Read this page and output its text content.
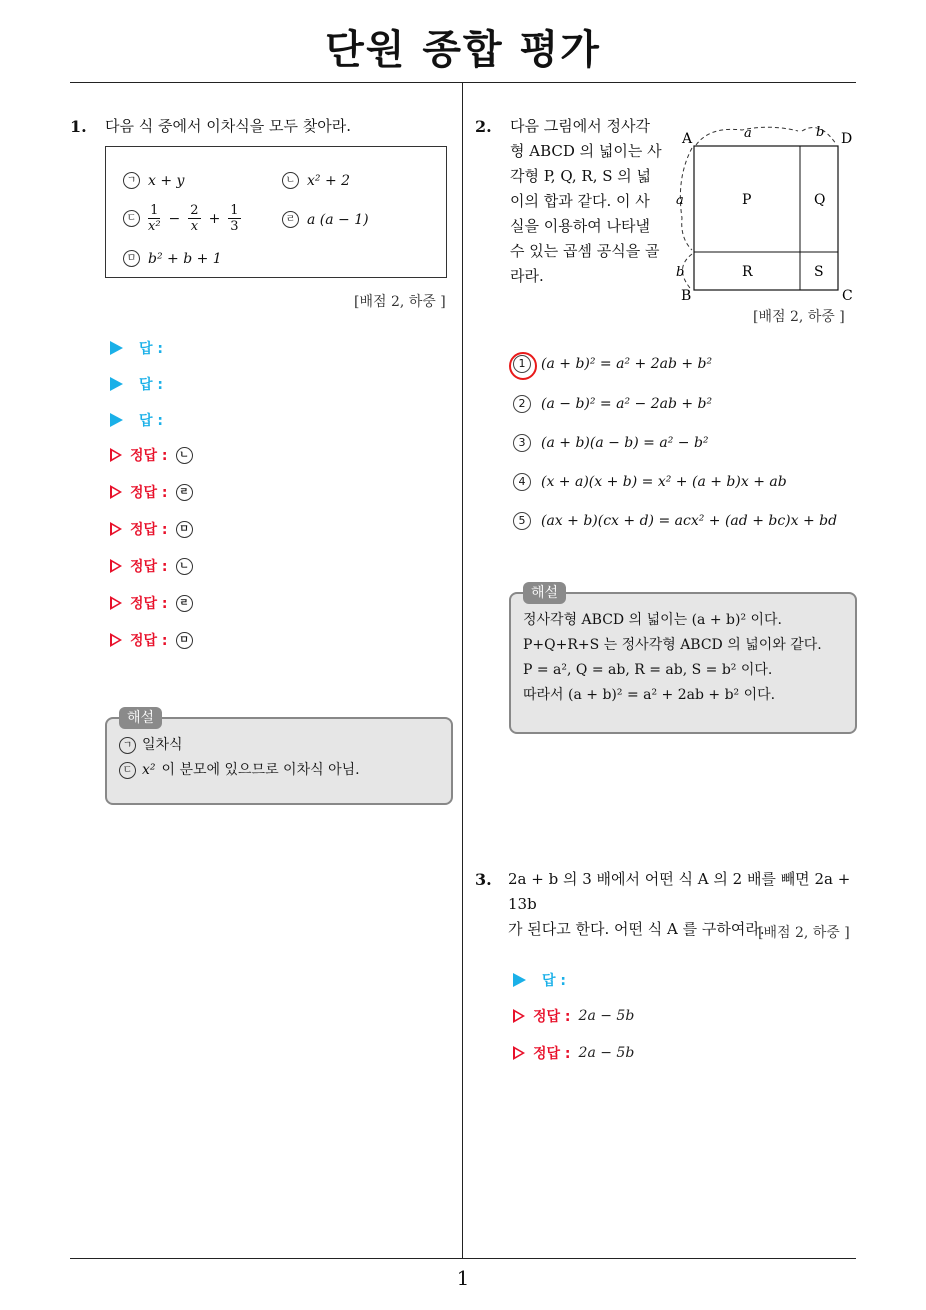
단원 종합 평가
1
1. 다음 식 중에서 이차식을 모두 찾아라.
ㄱ x + y	ㄴ x² + 2
ㄷ $\frac{1}{\text{x²}} - \frac{2}{x} + \frac{1}{3}$	ㄹ a (a − 1)
ㅁ b² + b + 1
[배점 2, 하중 ]
답 :
답 :
답 :
정답 :	ㄴ
정답 :	ㄹ
정답 :	ㅁ
정답 :	ㄴ
정답 :	ㄹ
정답 :	ㅁ
해설
ㄱ 일차식
ㄷ x² 이 분모에 있으므로 이차식 아님.
2. 다음 그림에서 정사각
형 ABCD 의 넓이는 사
각형 P, Q, R, S 의 넓
이의 합과 같다. 이 사
실을 이용하여 나타낼
수 있는 곱셈 공식을 골
라라.
A	D
B	C
a	b
a
b
P	Q
R	S
[배점 2, 하중 ]
1	(a + b)² = a² + 2ab + b²
2	(a − b)² = a² − 2ab + b²
3	(a + b)(a − b) = a² − b²
4	(x + a)(x + b) = x² + (a + b)x + ab
5	(ax + b)(cx + d) = acx² + (ad + bc)x + bd
해설
정사각형 ABCD 의 넓이는 (a + b)² 이다.
P+Q+R+S 는 정사각형 ABCD 의 넓이와 같다.
P = a², Q = ab, R = ab, S = b² 이다.
따라서 (a + b)² = a² + 2ab + b² 이다.
3. 2a + b 의 3 배에서 어떤 식 A 의 2 배를 빼면 2a + 13b
가 된다고 한다. 어떤 식 A 를 구하여라.
[배점 2, 하중 ]
답 :
정답 : 2a − 5b
정답 : 2a − 5b
